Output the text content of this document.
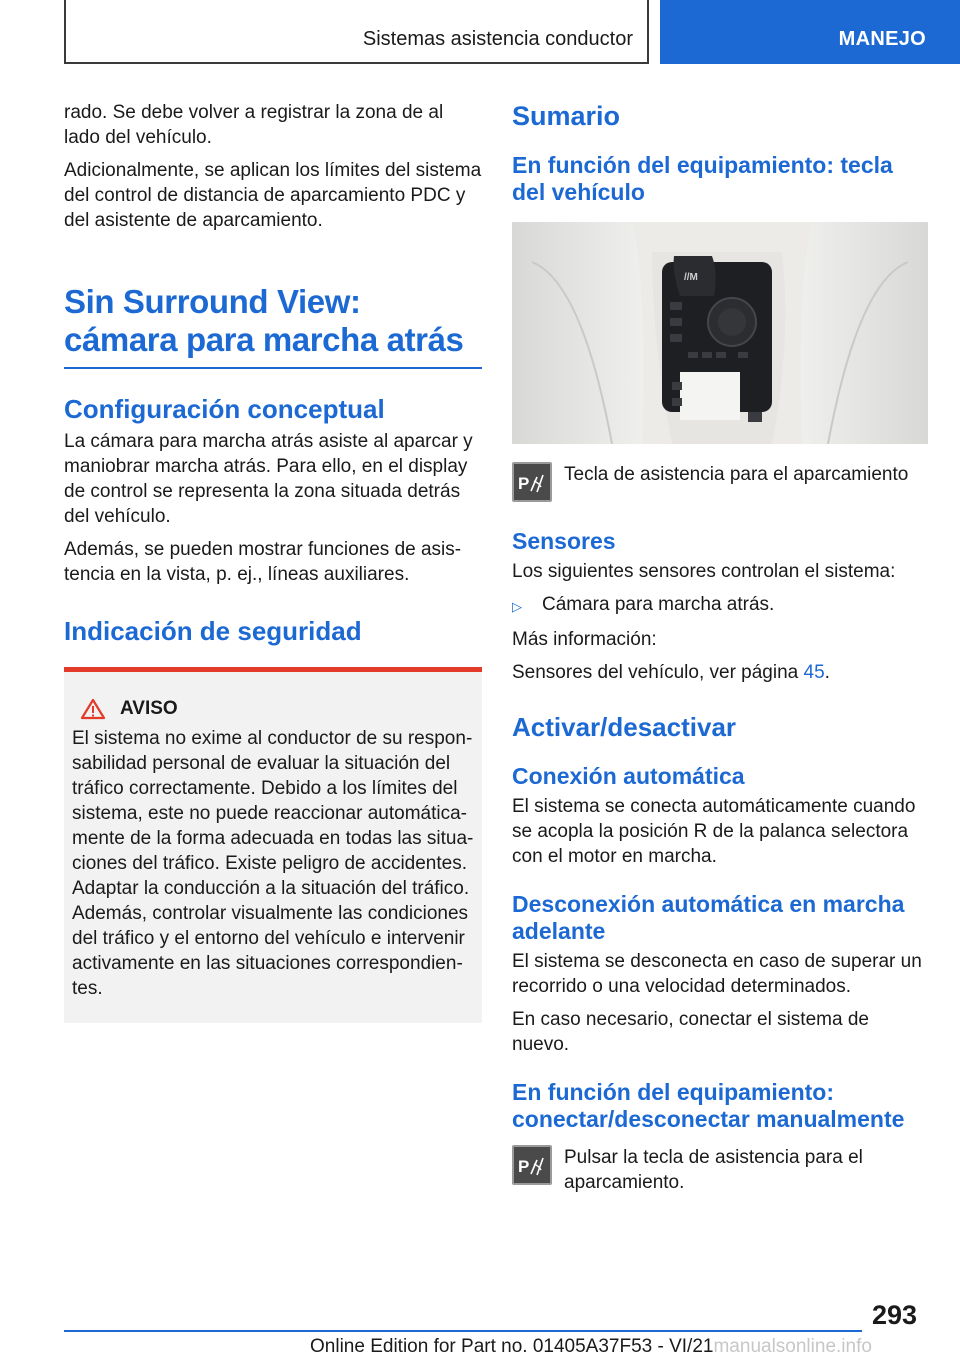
Sistemas asistencia conductor	MANEJO

rado. Se debe volver a registrar la zona de al lado del vehículo.

Adicionalmente, se aplican los límites del sistema del control de distancia de aparcamiento PDC y del asistente de aparcamiento.

Sin Surround View: cámara para marcha atrás
Configuración conceptual

La cámara para marcha atrás asiste al aparcar y maniobrar marcha atrás. Para ello, en el display de control se representa la zona situada detrás del vehículo.

Además, se pueden mostrar funciones de asistencia en la vista, p. ej., líneas auxiliares.

Indicación de seguridad
AVISO

El sistema no exime al conductor de su responsabilidad personal de evaluar la situación del tráfico correctamente. Debido a los límites del sistema, este no puede reaccionar automáticamente de la forma adecuada en todas las situaciones del tráfico. Existe peligro de accidentes. Adaptar la conducción a la situación del tráfico. Además, controlar visualmente las condiciones del tráfico y el entorno del vehículo e intervenir activamente en las situaciones correspondientes.

Sumario
En función del equipamiento: tecla del vehículo
//M
P Tecla de asistencia para el aparcamiento

Sensores

Los siguientes sensores controlan el sistema:

▷	Cámara para marcha atrás.

Más información:

Sensores del vehículo, ver página 45.

Activar/desactivar
Conexión automática

El sistema se conecta automáticamente cuando se acopla la posición R de la palanca selectora con el motor en marcha.

Desconexión automática en marcha adelante

El sistema se desconecta en caso de superar un recorrido o una velocidad determinados.

En caso necesario, conectar el sistema de nuevo.

En función del equipamiento: conectar/desconectar manualmente
P Pulsar la tecla de asistencia para el aparcamiento.

293
Online Edition for Part no. 01405A37F53 - VI/21manualsonline.info
